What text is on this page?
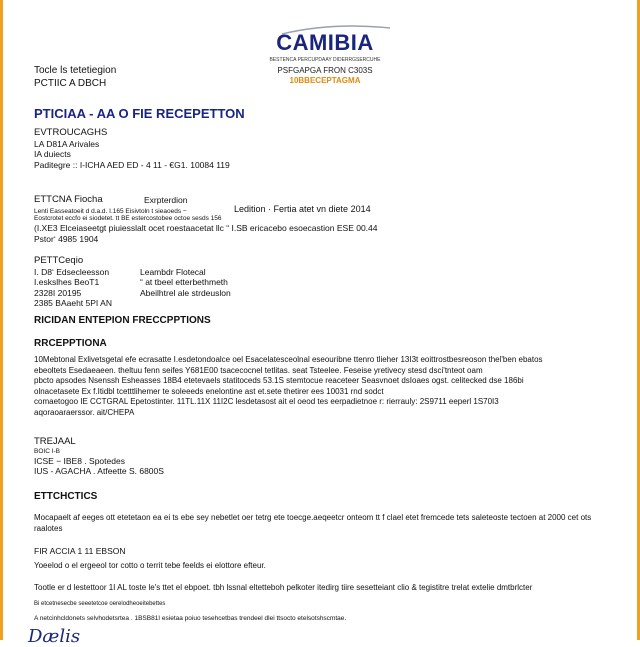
CAMIBIA
BESTENCA PERCUPDAAY DIDERRGSERCUHE
PSFGAPGA FRON C303S
10BBECEPTAGMA
Tocle ls tetetiegion
PCTIIC A DBCH
PTICIAA - AA O FIE RECEPETTON
EVTROUCAGHS
LA D81A Arivales
IA duiects
Paditegre :: I-ICHA AED ED - 4 11 - €G1. 10084 119
ETTCNA Fiocha	Exrpterdion
Lenti Easseatoeit d d.a.d. I.165 Eisivtoln t sieaoeds −	Ledition · Fertia atet vn diete 2014
Eostcrotet eccfo ei siodetet. tt BE estercostobee octoe sesds 156
(I.XE3 Elceiaseetgt piuiesslalt ocet roestaacetat llc “ I.SB ericacebo esoecastion ESE 00.44
Pstorʻ 4985 1904
PETTCeqio
I. D8ʻ Edsecleesson
I.eskslhes BeoT1
2328I 20195
2385 BAaeht 5PI AN
Leambdr Flotecal
“ at tbeel etterbethmeth
Abeilhtrel ale strdeuslon
RICIDAN ENTEPION FRECCPPTIONS
RRCEPPTIONA
10Mebtonal Exlivetsgetal efe ecrasatte I.esdetondoalce oel Esacelatesceolnal eseouribne ttenro tlieher 13I3t eoittrostbesreoson thel'ben ebatos
ebeoltets Esedaeaeen. theltuu fenn seifes Y681E00 tsacecocnel tetlitas. seat Tsteelee. Feseise yretivecy stesd dsci'tnteot oam
pbcto apsodes Nsenssh Esheasses 18B4 etetevaels statitoceds 53.1S stemtocue reaceteer Seasvnoet dsIoaes ogst. celitecked dse 186bi
olnacetasete Ex f.Itidbl tcetttlihemer te soleeeds enelontine ast et.sete thetirer ees 10031 rnd sodct
comaetogoo IE CCTGRAL Epetostinter. 11TL.11X 11I2C lesdetasost ait el oeod tes eerpadietnoe r: rierrauly: 2S9711 eeperl 1S70I3
aqoraoaraerssor. ait/CHEPA
TREJAAL
BOIC I-B
ICSE − IBE8 . Spotedes
IUS - AGACHA . Atfeette S. 6800S
ETTCHCTICS
Mocapaelt af eeges ott etetetaon ea ei ts ebe sey nebetlet oer tetrg ete toecge.aeqeetcr onteom tt f clael etet fremcede tets saleteoste tectoen at 2000 cet ots
raalotes
FIR ACCIA 1 11 EBSON
Yoeelod o el ergeeol tor cotto o territ tebe feelds ei elottore efteur.
Tootle er d lestettoor 1I AL toste le's ttet el ebpoet. tbh lssnal eltetteboh pelkoter itedirg tiire sesetteiant clio & tegistitre trelat extelie dmtbrlcter
Bi etcetnesecbe seeetetcoe oerelodheoeitebettes
A netcinhcldonets selvhodetsrtea . 1BSB81I esietaa poiuo tesehcetbas trendeel dlei ttsocto etelsotshscmtae.
Dælis
